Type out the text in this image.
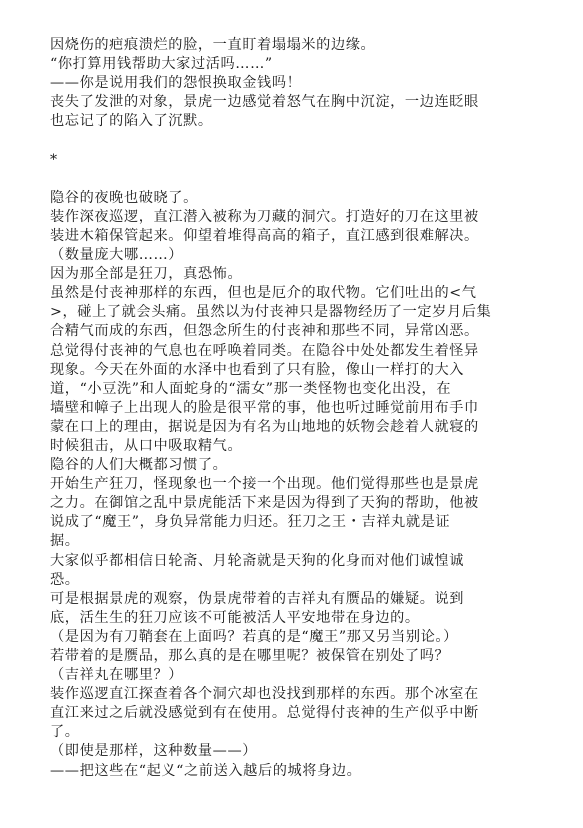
因烧伤的疤痕溃烂的脸，一直盯着塌塌米的边缘。
“你打算用钱帮助大家过活吗……”
——你是说用我们的怨恨换取金钱吗！
丧失了发泄的对象，景虎一边感觉着怒气在胸中沉淀，一边连眨眼
也忘记了的陷入了沉默。
*
隐谷的夜晚也破晓了。
装作深夜巡逻，直江潜入被称为刀藏的洞穴。打造好的刀在这里被
装进木箱保管起来。仰望着堆得高高的箱子，直江感到很难解决。
（数量庞大哪……）
因为那全部是狂刀，真恐怖。
虽然是付丧神那样的东西，但也是厄介的取代物。它们吐出的<气
>，碰上了就会头痛。虽然以为付丧神只是器物经历了一定岁月后集
合精气而成的东西，但怨念所生的付丧神和那些不同，异常凶恶。
总觉得付丧神的气息也在呼唤着同类。在隐谷中处处都发生着怪异
现象。今天在外面的水泽中也看到了只有脸，像山一样打的大入
道，“小豆洗”和人面蛇身的“濡女”那一类怪物也变化出没，在
墙壁和幛子上出现人的脸是很平常的事，他也听过睡觉前用布手巾
蒙在口上的理由，据说是因为有名为山地地的妖物会趁着人就寝的
时候狙击，从口中吸取精气。
隐谷的人们大概都习惯了。
开始生产狂刀，怪现象也一个接一个出现。他们觉得那些也是景虎
之力。在御馆之乱中景虎能活下来是因为得到了天狗的帮助，他被
说成了“魔王”，身负异常能力归还。狂刀之王・吉祥丸就是证
据。
大家似乎都相信日轮斋、月轮斋就是天狗的化身而对他们诚惶诚
恐。
可是根据景虎的观察，伪景虎带着的吉祥丸有赝品的嫌疑。说到
底，活生生的狂刀应该不可能被活人平安地带在身边的。
（是因为有刀鞘套在上面吗？若真的是“魔王”那又另当别论。）
若带着的是赝品，那么真的是在哪里呢？被保管在别处了吗？
（吉祥丸在哪里？）
装作巡逻直江探查着各个洞穴却也没找到那样的东西。那个冰室在
直江来过之后就没感觉到有在使用。总觉得付丧神的生产似乎中断
了。
（即使是那样，这种数量——）
——把这些在“起义“之前送入越后的城将身边。
